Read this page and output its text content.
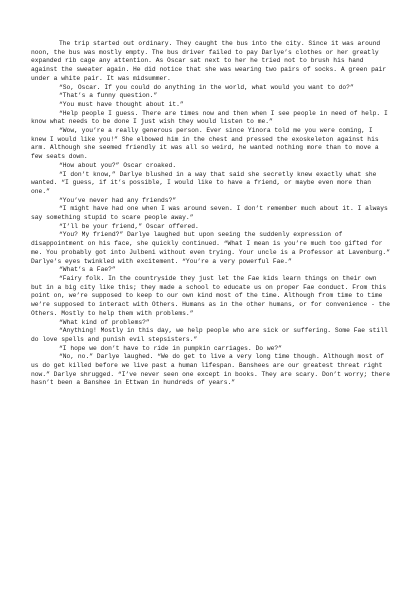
The trip started out ordinary. They caught the bus into the city. Since it was around noon, the bus was mostly empty. The bus driver failed to pay Darlye’s clothes or her greatly expanded rib cage any attention. As Oscar sat next to her he tried not to brush his hand against the sweater again. He did notice that she was wearing two pairs of socks. A green pair under a white pair. It was midsummer.

“So, Oscar. If you could do anything in the world, what would you want to do?”

“That’s a funny question.”

“You must have thought about it.”

“Help people I guess. There are times now and then when I see people in need of help. I know what needs to be done I just wish they would listen to me.”

“Wow, you’re a really generous person. Ever since Yinora told me you were coming, I knew I would like you!” She elbowed him in the chest and pressed the exoskeleton against his arm. Although she seemed friendly it was all so weird, he wanted nothing more than to move a few seats down.

“How about you?” Oscar croaked.

“I don’t know,” Darlye blushed in a way that said she secretly knew exactly what she wanted. “I guess, if it’s possible, I would like to have a friend, or maybe even more than one.”

“You’ve never had any friends?”

“I might have had one when I was around seven. I don’t remember much about it. I always say something stupid to scare people away.”

“I’ll be your friend,” Oscar offered.

“You? My friend?” Darlye laughed but upon seeing the suddenly expression of disappointment on his face, she quickly continued. “What I mean is you’re much too gifted for me. You probably got into Julbeni without even trying. Your uncle is a Professor at Lavenburg.” Darlye’s eyes twinkled with excitement. “You’re a very powerful Fae.”

“What’s a Fae?”

“Fairy folk. In the countryside they just let the Fae kids learn things on their own but in a big city like this; they made a school to educate us on proper Fae conduct. From this point on, we’re supposed to keep to our own kind most of the time. Although from time to time we’re supposed to interact with Others. Humans as in the other humans, or for convenience - the Others. Mostly to help them with problems.”

“What kind of problems?”

“Anything! Mostly in this day, we help people who are sick or suffering. Some Fae still do love spells and punish evil stepsisters.”

“I hope we don’t have to ride in pumpkin carriages. Do we?”

“No, no.” Darlye laughed. “We do get to live a very long time though. Although most of us do get killed before we live past a human lifespan. Banshees are our greatest threat right now.” Darlye shrugged. “I’ve never seen one except in books. They are scary. Don’t worry; there hasn’t been a Banshee in Ettwan in hundreds of years.”
